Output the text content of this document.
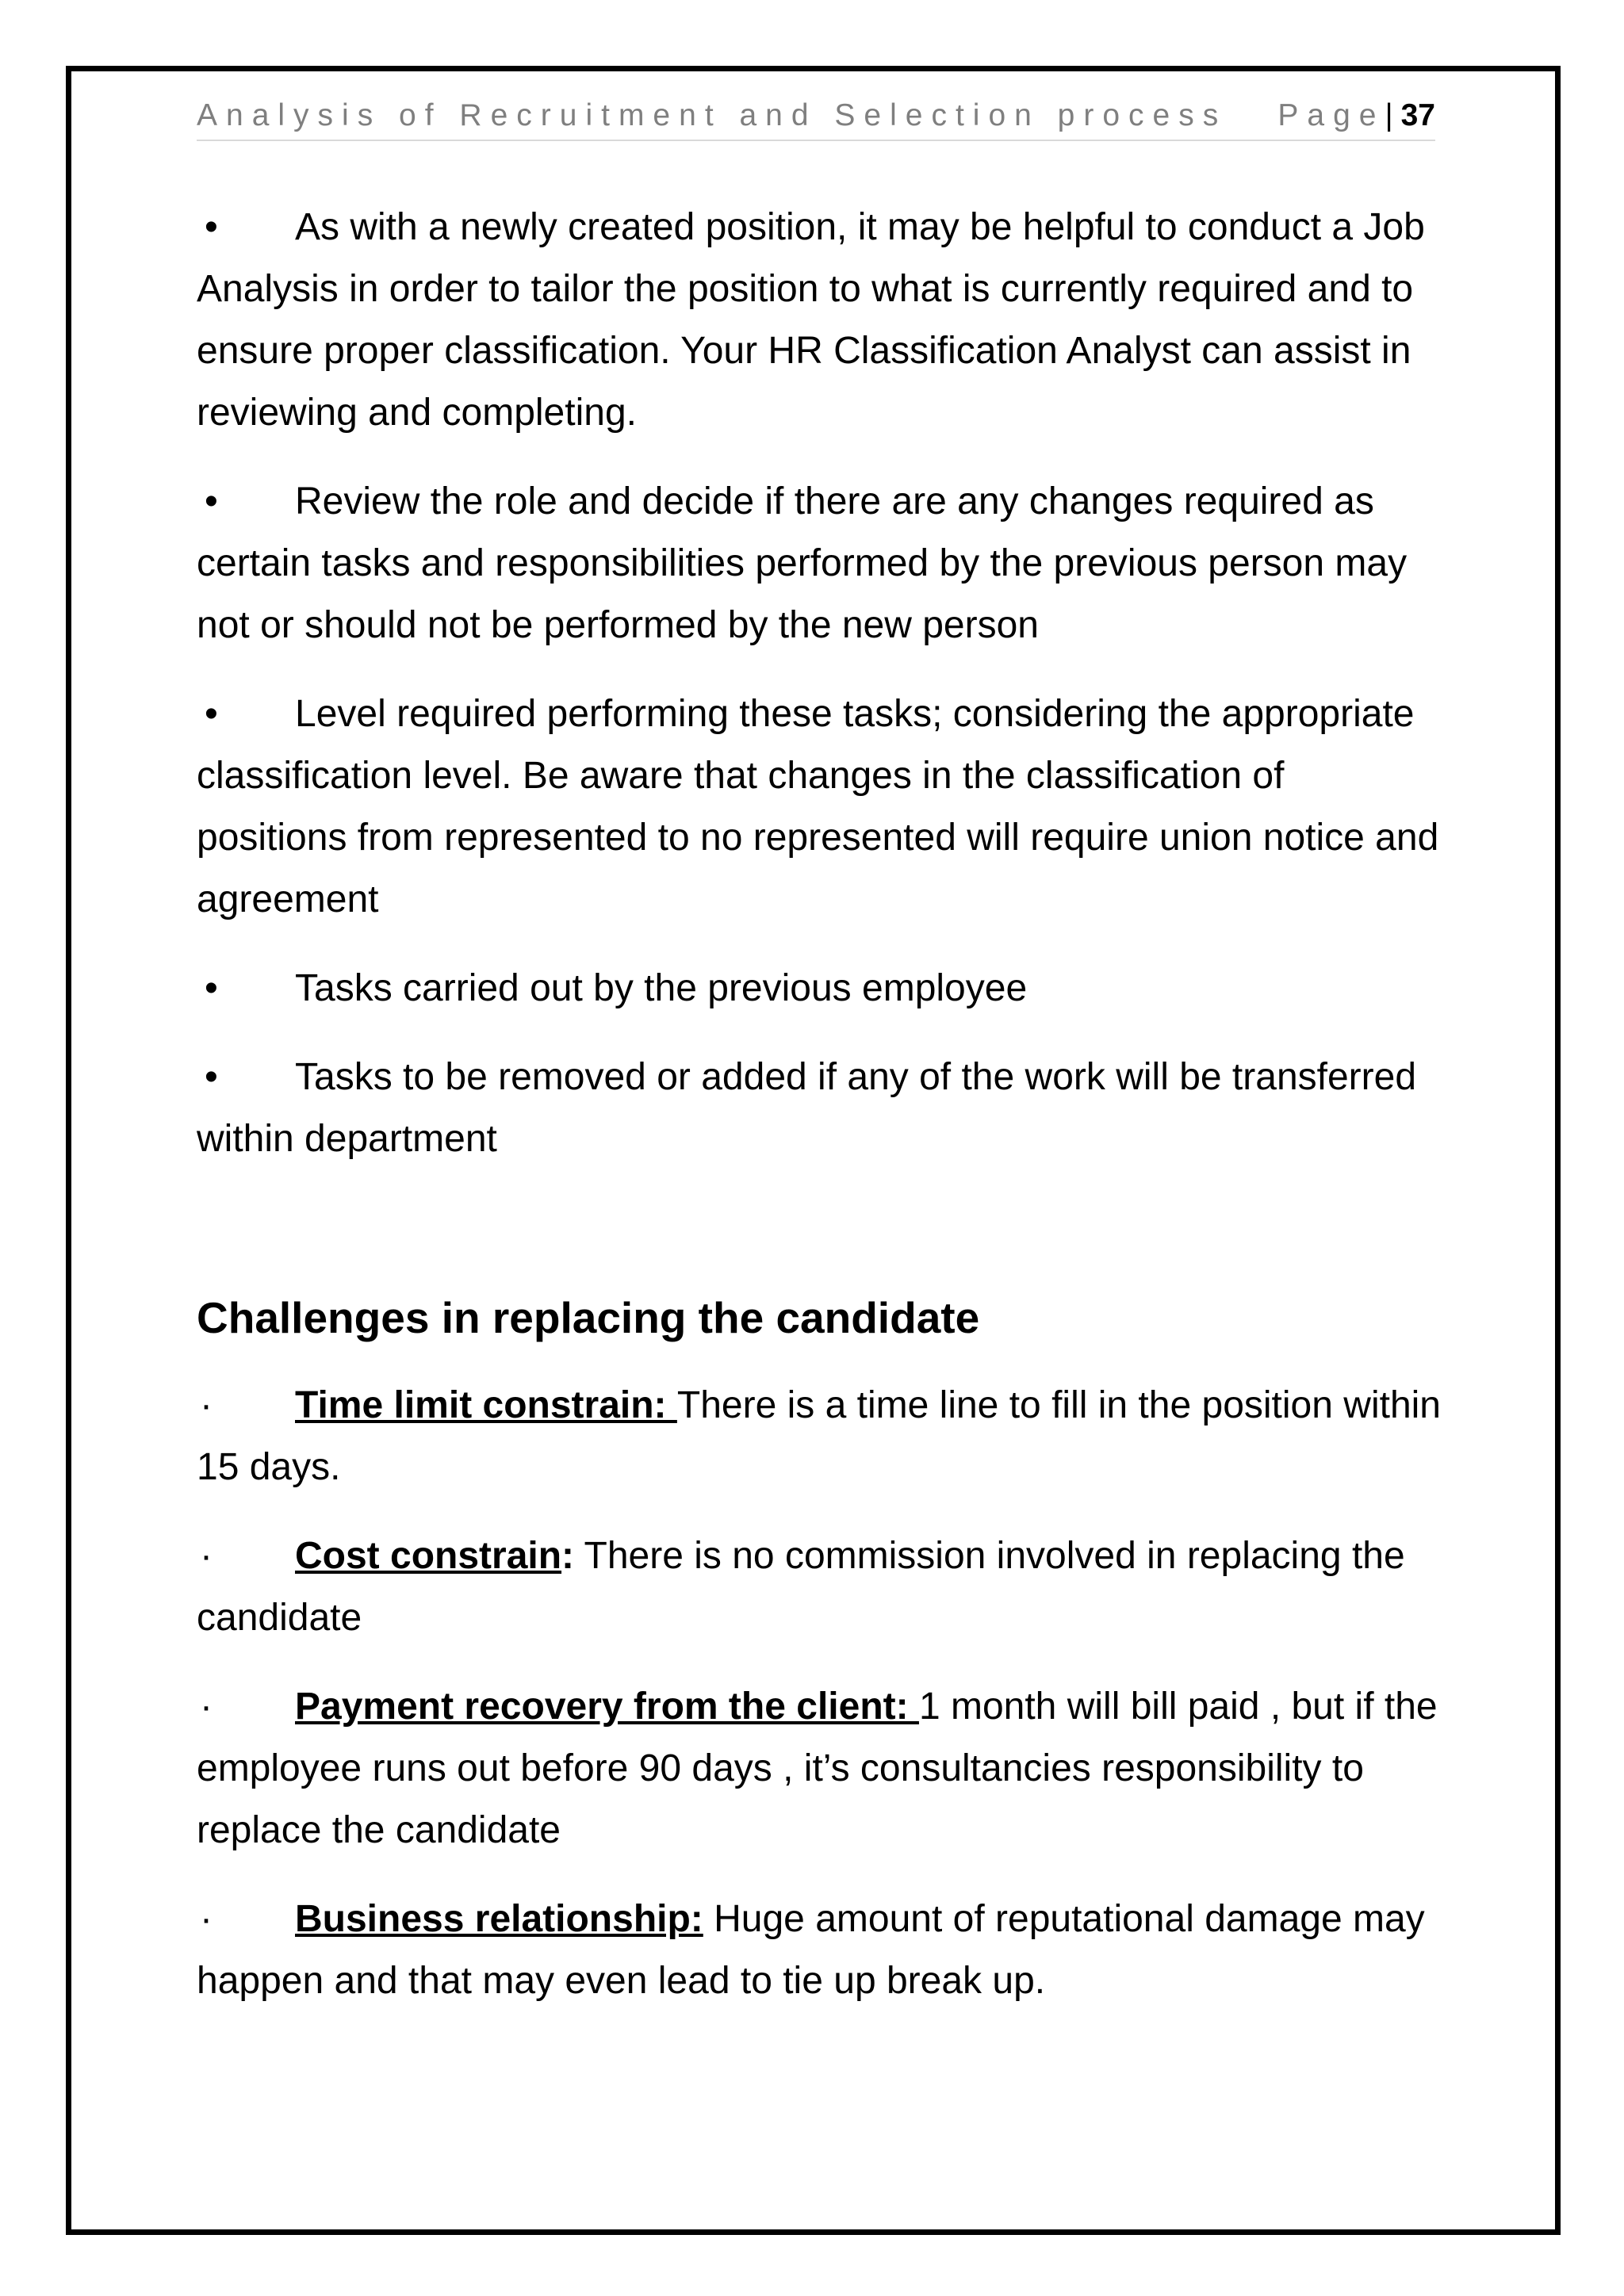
Analysis of Recruitment and Selection process Page| 37

• As with a newly created position, it may be helpful to conduct a Job Analysis in order to tailor the position to what is currently required and to ensure proper classification. Your HR Classification Analyst can assist in reviewing and completing.

• Review the role and decide if there are any changes required as certain tasks and responsibilities performed by the previous person may not or should not be performed by the new person

• Level required performing these tasks; considering the appropriate classification level. Be aware that changes in the classification of positions from represented to no represented will require union notice and agreement

• Tasks carried out by the previous employee

• Tasks to be removed or added if any of the work will be transferred within department

Challenges in replacing the candidate

· Time limit constrain: There is a time line to fill in the position within 15 days.

· Cost constrain: There is no commission involved in replacing the candidate

· Payment recovery from the client: 1 month will bill paid , but if the employee runs out before 90 days , it’s consultancies responsibility to replace the candidate

· Business relationship: Huge amount of reputational damage may happen and that may even lead to tie up break up.
